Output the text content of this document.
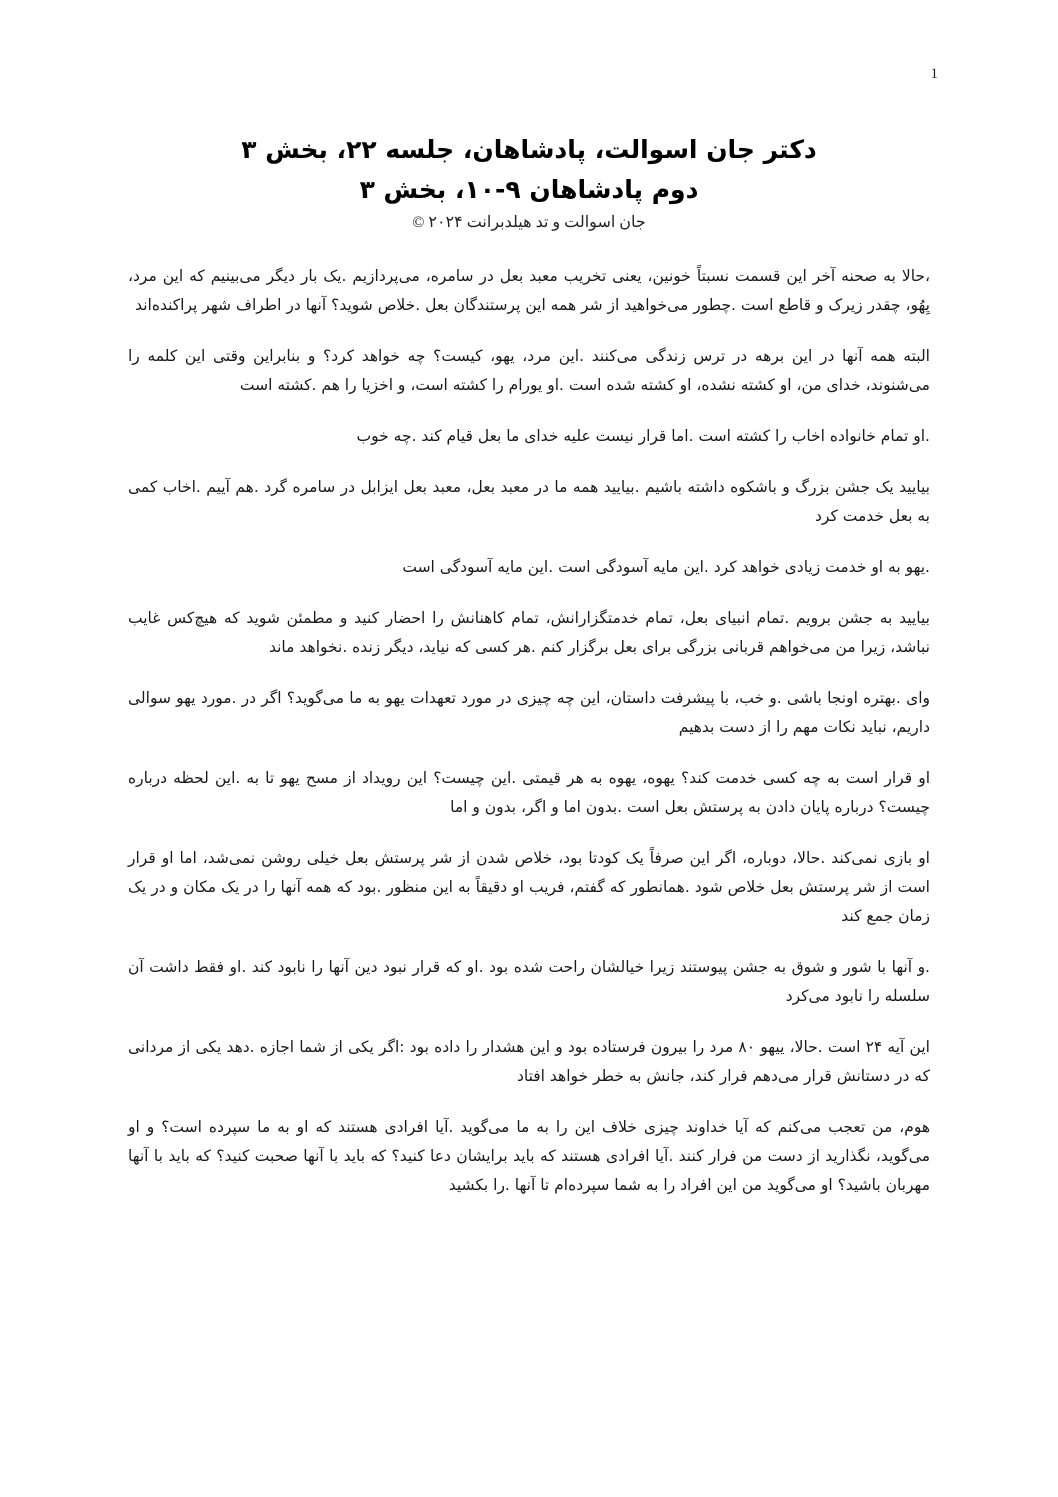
1
دکتر جان اسوالت، پادشاهان، جلسه ۲۲، بخش ۳
دوم پادشاهان ۹-۱۰، بخش ۳
جان اسوالت و تد هیلدبرانت ۲۰۲۴ ©

،حالا به صحنه آخر این قسمت نسبتاً خونین، یعنی تخریب معبد بعل در سامره، می‌پردازیم .یک بار دیگر می‌بینیم که این مرد، یِهُو، چقدر زیرک و قاطع است .چطور می‌خواهید از شر همه این پرستندگان بعل .خلاص شوید؟ آنها در اطراف شهر پراکنده‌اند

البته همه آنها در این برهه در ترس زندگی می‌کنند .این مرد، یهو، کیست؟ چه خواهد کرد؟ و بنابراین وقتی این کلمه را می‌شنوند، خدای من، او کشته نشده، او کشته شده است .او یورام را کشته است، و اخزیا را هم .کشته است

.او تمام خانواده اخاب را کشته است .اما قرار نیست علیه خدای ما بعل قیام کند .چه خوب

بیایید یک جشن بزرگ و باشکوه داشته باشیم .بیایید همه ما در معبد بعل، معبد بعل ایزابل در سامره گرد .هم آییم .اخاب کمی به بعل خدمت کرد

.یهو به او خدمت زیادی خواهد کرد .این مایه آسودگی است .این مایه آسودگی است

بیایید به جشن برویم .تمام انبیای بعل، تمام خدمتگزارانش، تمام کاهنانش را احضار کنید و مطمئن شوید که هیچ‌کس غایب نباشد، زیرا من می‌خواهم قربانی بزرگی برای بعل برگزار کنم .هر کسی که نیاید، دیگر زنده .نخواهد ماند

وای .بهتره اونجا باشی .و خب، با پیشرفت داستان، این چه چیزی در مورد تعهدات یهو به ما می‌گوید؟ اگر در .مورد یهو سوالی داریم، نباید نکات مهم را از دست بدهیم

او قرار است به چه کسی خدمت کند؟ یهوه، یهوه به هر قیمتی .این چیست؟ این رویداد از مسح یهو تا به .این لحظه درباره چیست؟ درباره پایان دادن به پرستش بعل است .بدون اما و اگر، بدون و اما

او بازی نمی‌کند .حالا، دوباره، اگر این صرفاً یک کودتا بود، خلاص شدن از شر پرستش بعل خیلی روشن نمی‌شد، اما او قرار است از شر پرستش بعل خلاص شود .همانطور که گفتم، فریب او دقیقاً به این منظور .بود که همه آنها را در یک مکان و در یک زمان جمع کند

.و آنها با شور و شوق به جشن پیوستند زیرا خیالشان راحت شده بود .او که قرار نبود دین آنها را نابود کند .او فقط داشت آن سلسله را نابود می‌کرد

این آیه ۲۴ است .حالا، ییهو ۸۰ مرد را بیرون فرستاده بود و این هشدار را داده بود :اگر یکی از شما اجازه .دهد یکی از مردانی که در دستانش قرار می‌دهم فرار کند، جانش به خطر خواهد افتاد

هوم، من تعجب می‌کنم که آیا خداوند چیزی خلاف این را به ما می‌گوید .آیا افرادی هستند که او به ما سپرده است؟ و او می‌گوید، نگذارید از دست من فرار کنند .آیا افرادی هستند که باید برایشان دعا کنید؟ که باید با آنها صحبت کنید؟ که باید با آنها مهربان باشید؟ او می‌گوید من این افراد را به شما سپرده‌ام تا آنها .را بکشید
